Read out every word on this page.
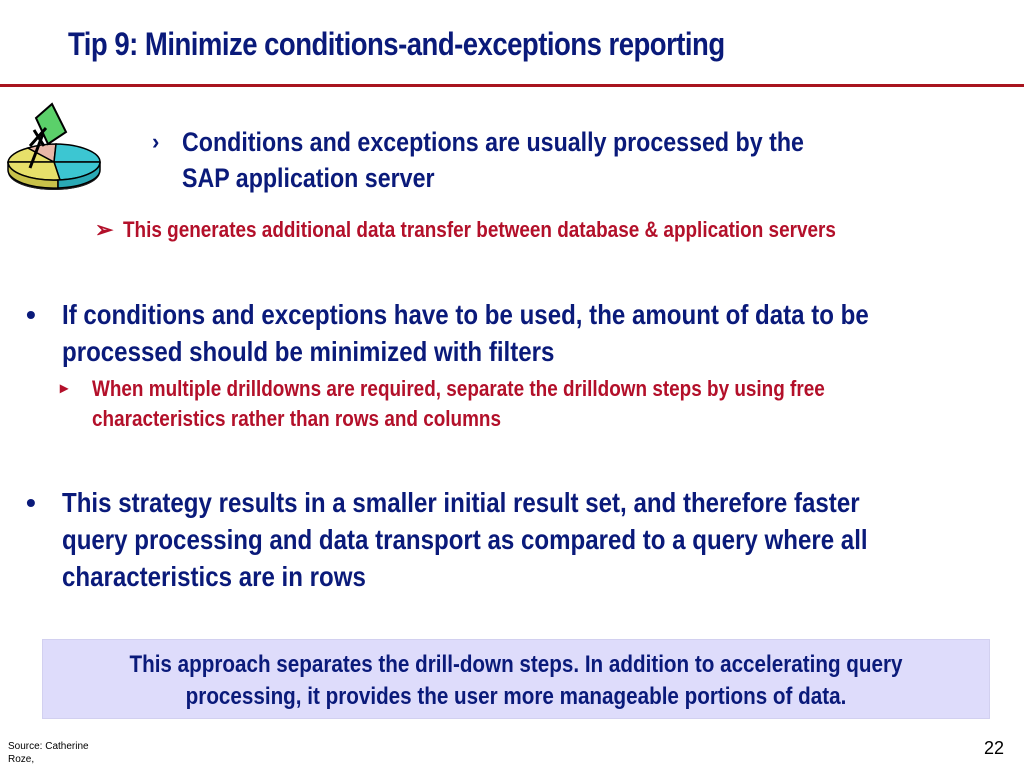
Tip 9: Minimize conditions-and-exceptions reporting
› Conditions and exceptions are usually processed by the
SAP application server
➢ This generates additional data transfer between database & application servers
• If conditions and exceptions have to be used, the amount of data to be
processed should be minimized with filters
▸ When multiple drilldowns are required, separate the drilldown steps by using free
characteristics rather than rows and columns
• This strategy results in a smaller initial result set, and therefore faster
query processing and data transport as compared to a query where all
characteristics are in rows
This approach separates the drill-down steps. In addition to accelerating query
processing, it provides the user more manageable portions of data.
Source: Catherine Roze,
22
